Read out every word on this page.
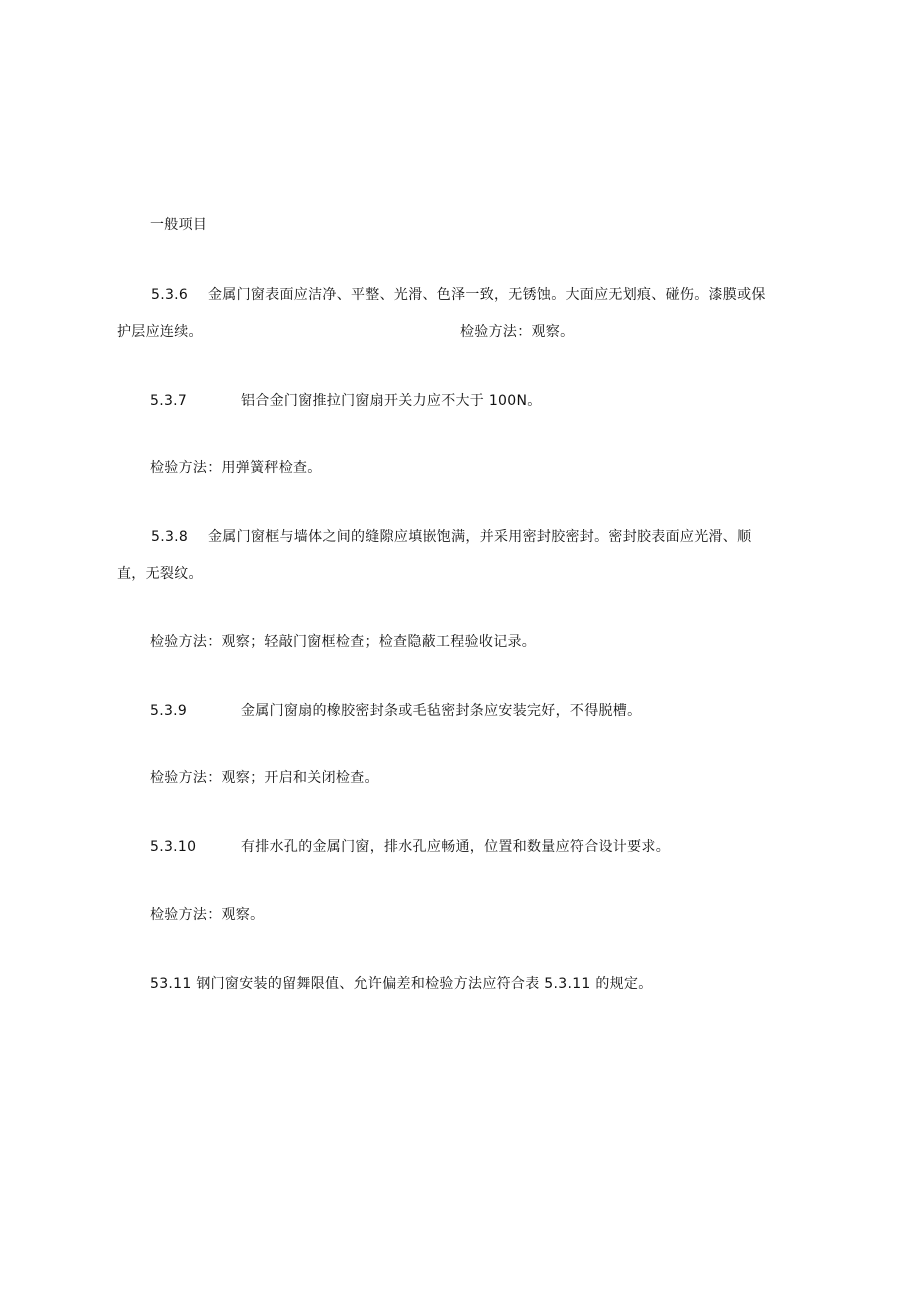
一般项目
5.3.6 金属门窗表面应洁净、平整、光滑、色泽一致，无锈蚀。大面应无划痕、碰伤。漆膜或保
护层应连续。	检验方法：观察。
5.3.7	铝合金门窗推拉门窗扇开关力应不大于 100N。
检验方法：用弹簧秤检查。
5.3.8 金属门窗框与墙体之间的缝隙应填嵌饱满，并采用密封胶密封。密封胶表面应光滑、顺
直，无裂纹。
检验方法：观察；轻敲门窗框检查；检查隐蔽工程验收记录。
5.3.9	金属门窗扇的橡胶密封条或毛毡密封条应安装完好，不得脱槽。
检验方法：观察；开启和关闭检查。
5.3.10	有排水孔的金属门窗，排水孔应畅通，位置和数量应符合设计要求。
检验方法：观察。
53.11 钢门窗安装的留舞限值、允许偏差和检验方法应符合表 5.3.11 的规定。
